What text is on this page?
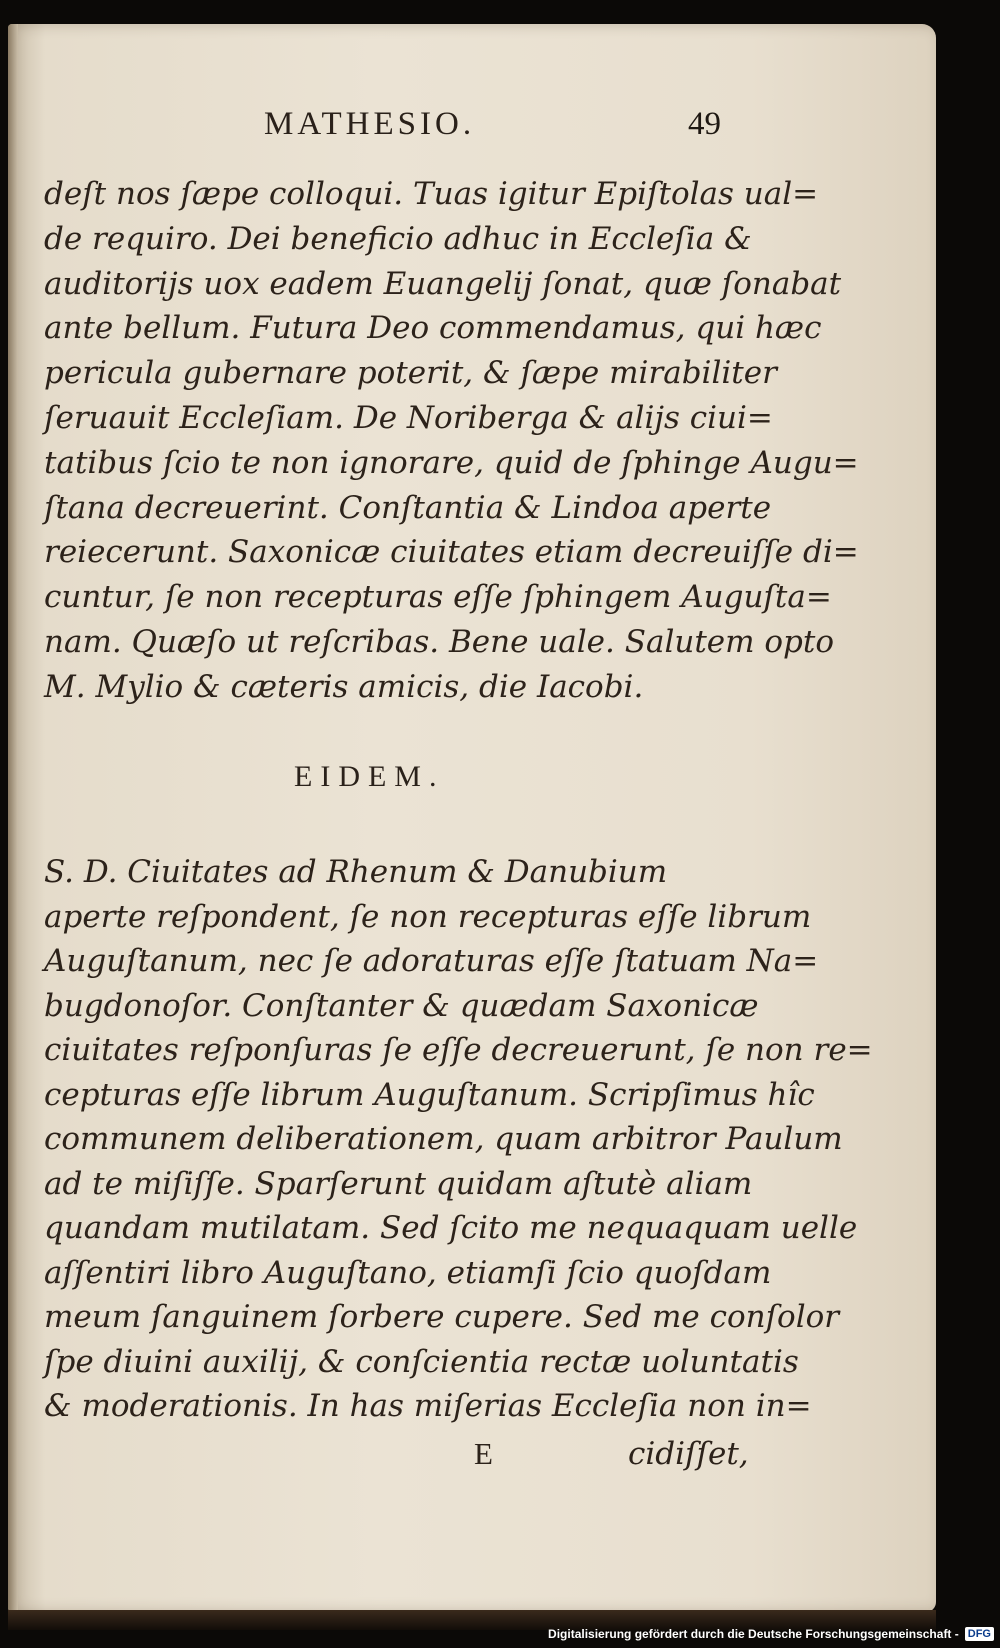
MATHESIO.	49
deſt nos ſæpe colloqui. Tuas igitur Epiſtolas ual=
de requiro. Dei beneficio adhuc in Eccleſia &
auditorijs uox eadem Euangelij ſonat, quæ ſonabat
ante bellum. Futura Deo commendamus, qui hæc
pericula gubernare poterit, & ſæpe mirabiliter
ſeruauit Eccleſiam. De Noriberga & alijs ciui=
tatibus ſcio te non ignorare, quid de ſphinge Augu=
ſtana decreuerint. Conſtantia & Lindoa aperte
reiecerunt. Saxonicæ ciuitates etiam decreuiſſe di=
cuntur, ſe non recepturas eſſe ſphingem Auguſta=
nam. Quæſo ut reſcribas. Bene uale. Salutem opto
M. Mylio & cæteris amicis, die Iacobi.
EIDEM.
S. D. Ciuitates ad Rhenum & Danubium
aperte reſpondent, ſe non recepturas eſſe librum
Auguſtanum, nec ſe adoraturas eſſe ſtatuam Na=
bugdonoſor. Conſtanter & quædam Saxonicæ
ciuitates reſponſuras ſe eſſe decreuerunt, ſe non re=
cepturas eſſe librum Auguſtanum. Scripſimus hîc
communem deliberationem, quam arbitror Paulum
ad te miſiſſe. Sparſerunt quidam aſtutè aliam
quandam mutilatam. Sed ſcito me nequaquam uelle
aſſentiri libro Auguſtano, etiamſi ſcio quoſdam
meum ſanguinem ſorbere cupere. Sed me conſolor
ſpe diuini auxilij, & conſcientia rectæ uoluntatis
& moderationis. In has miſerias Eccleſia non in=
E	cidiſſet,
Digitalisierung gefördert durch die Deutsche Forschungsgemeinschaft - DFG
